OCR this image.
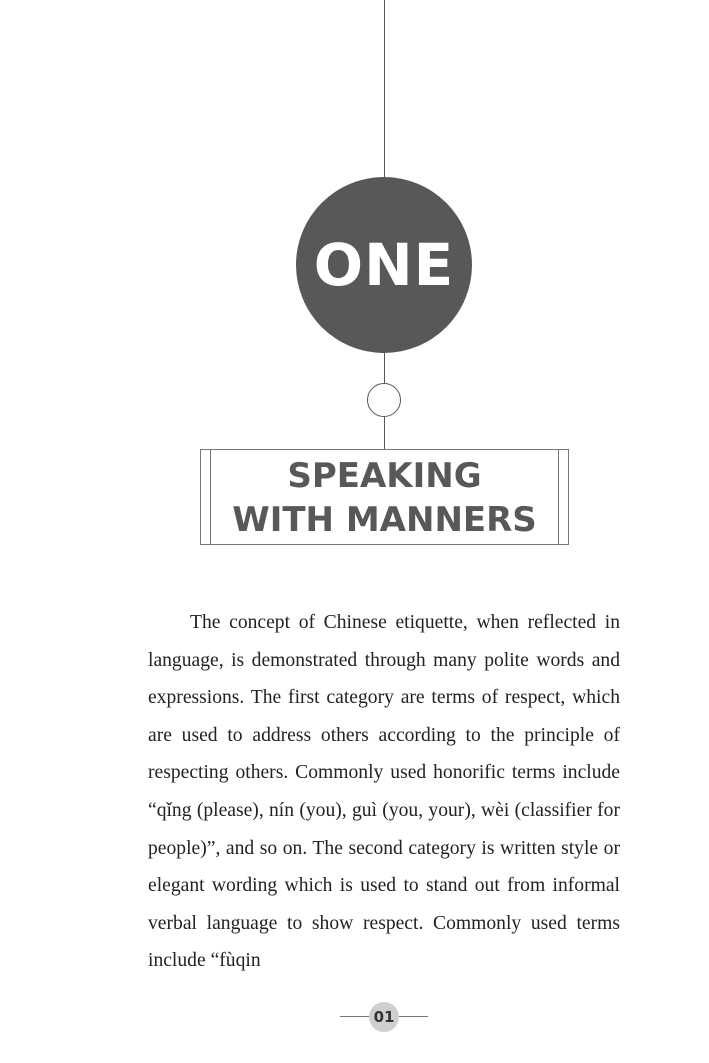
ONE
SPEAKING
WITH MANNERS

The concept of Chinese etiquette, when reflected in language, is demonstrated through many polite words and expressions. The first category are terms of respect, which are used to address others according to the principle of respecting others. Commonly used honorific terms include “qǐng (please), nín (you), guì (you, your), wèi (classifier for people)”, and so on. The second category is written style or elegant wording which is used to stand out from informal verbal language to show respect. Commonly used terms include “fùqin

01
